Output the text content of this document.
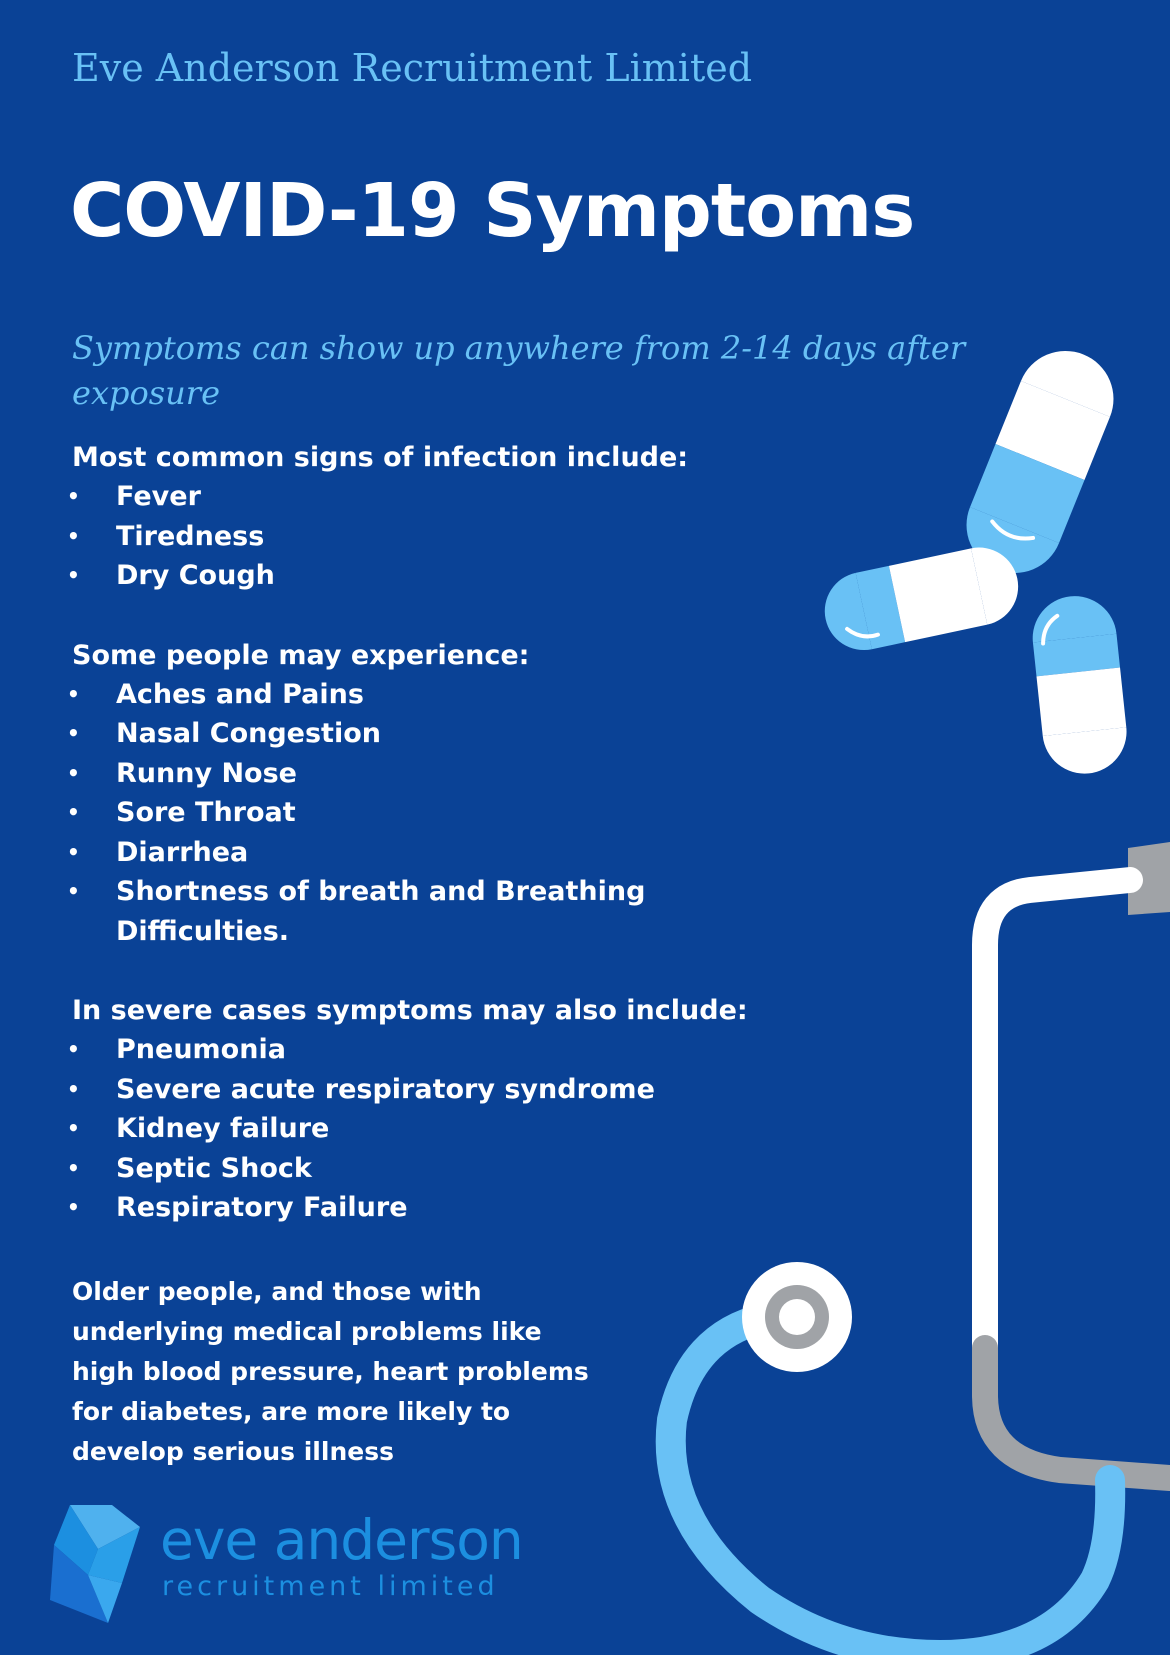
Eve Anderson Recruitment Limited
COVID-19 Symptoms
Symptoms can show up anywhere from 2-14 days after exposure
Most common signs of infection include:
• Fever
• Tiredness
• Dry Cough
Some people may experience:
• Aches and Pains
• Nasal Congestion
• Runny Nose
• Sore Throat
• Diarrhea
• Shortness of breath and Breathing Difficulties.
In severe cases symptoms may also include:
• Pneumonia
• Severe acute respiratory syndrome
• Kidney failure
• Septic Shock
• Respiratory Failure
Older people, and those with underlying medical problems like high blood pressure, heart problems for diabetes, are more likely to develop serious illness
eve anderson
recruitment limited
